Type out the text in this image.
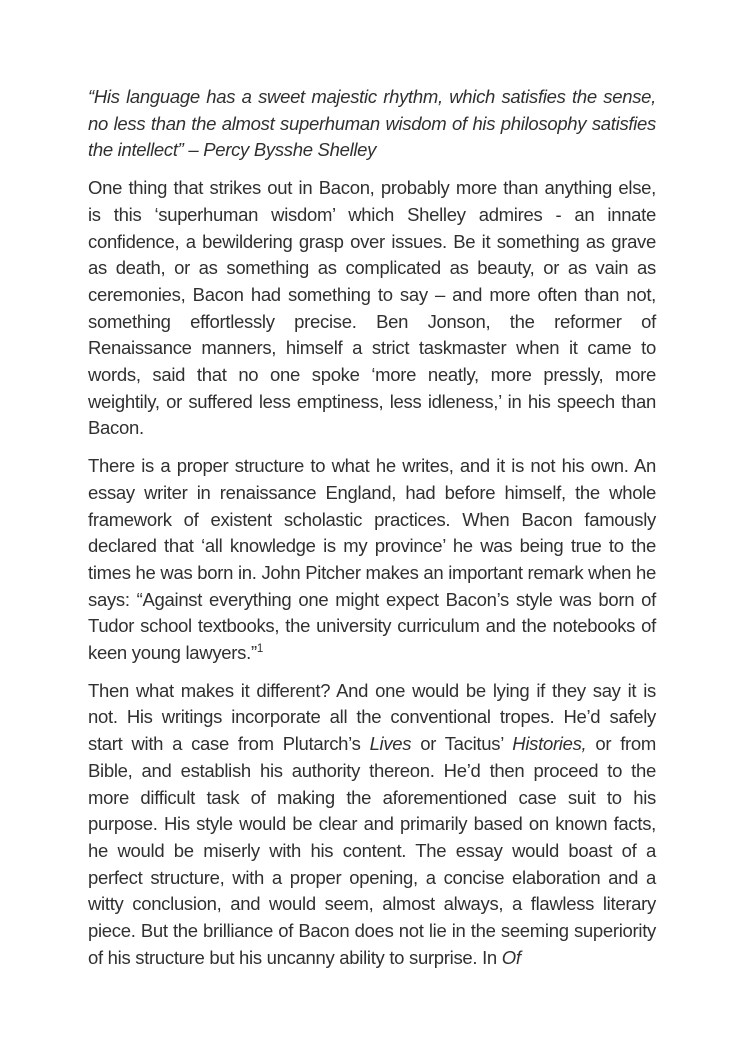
“His language has a sweet majestic rhythm, which satisfies the sense, no less than the almost superhuman wisdom of his philosophy satisfies the intellect” – Percy Bysshe Shelley

One thing that strikes out in Bacon, probably more than anything else, is this ‘superhuman wisdom’ which Shelley admires - an innate confidence, a bewildering grasp over issues. Be it something as grave as death, or as something as complicated as beauty, or as vain as ceremonies, Bacon had something to say – and more often than not, something effortlessly precise. Ben Jonson, the reformer of Renaissance manners, himself a strict taskmaster when it came to words, said that no one spoke ‘more neatly, more pressly, more weightily, or suffered less emptiness, less idleness,’ in his speech than Bacon.

There is a proper structure to what he writes, and it is not his own. An essay writer in renaissance England, had before himself, the whole framework of existent scholastic practices. When Bacon famously declared that ‘all knowledge is my province’ he was being true to the times he was born in. John Pitcher makes an important remark when he says: “Against everything one might expect Bacon’s style was born of Tudor school textbooks, the university curriculum and the notebooks of keen young lawyers.”$^1$

Then what makes it different? And one would be lying if they say it is not. His writings incorporate all the conventional tropes. He’d safely start with a case from Plutarch’s Lives or Tacitus’ Histories, or from Bible, and establish his authority thereon. He’d then proceed to the more difficult task of making the aforementioned case suit to his purpose. His style would be clear and primarily based on known facts, he would be miserly with his content. The essay would boast of a perfect structure, with a proper opening, a concise elaboration and a witty conclusion, and would seem, almost always, a flawless literary piece. But the brilliance of Bacon does not lie in the seeming superiority of his structure but his uncanny ability to surprise. In Of
